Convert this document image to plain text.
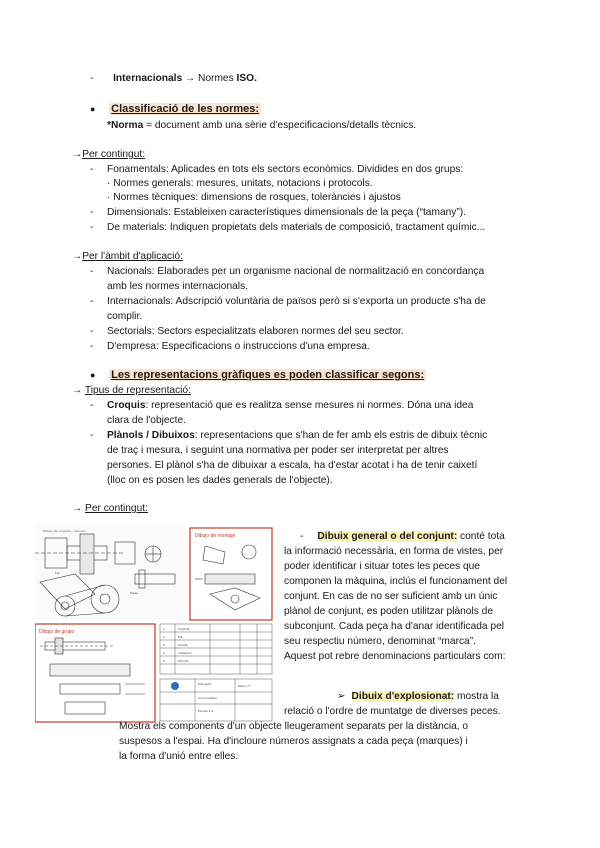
- Internacionals → Normes ISO.
● Classificació de les normes:
*Norma = document amb una sèrie d'especificacions/detalls tècnics.
→Per contingut:
- Fonamentals: Aplicades en tots els sectors econòmics. Dividides en dos grups:
· Normes generals: mesures, unitats, notacions i protocols.
· Normes tècniques: dimensions de rosques, toleràncies i ajustos
- Dimensionals: Estableixen característiques dimensionals de la peça (“tamany”).
- De materials: Indiquen propietats dels materials de composició, tractament químic...
→Per l'àmbit d'aplicació:
- Nacionals: Elaborades per un organisme nacional de normalització en concordança
amb les normes internacionals.
- Internacionals: Adscripció voluntària de països però si s'exporta un producte s'ha de
complir.
- Sectorials: Sectors especialitzats elaboren normes del seu sector.
- D'empresa: Especificacions o instruccions d'una empresa.
● Les representacions gràfiques es poden classificar segons:
→ Tipus de representació:
- Croquis: representació que es realitza sense mesures ni normes. Dóna una idea
clara de l'objecte.
- Plànols / Dibuixos: representacions que s'han de fer amb els estris de dibuix tècnic
de traç i mesura, i seguint una normativa per poder ser interpretat per altres
persones. El plànol s'ha de dibuixar a escala, ha d'estar acotat i ha de tenir caixetí
(lloc on es posen les dades generals de l'objecte).
→ Per contingut:
Dibujo de conjunto - sección
Pieza
Eje
Dibujo de montaje
Dibujo de grupo	1	Soporte
2	Eje
3	Rueda
4	Casquillo
5	Tornillo
Dibujado
Comprobado
Escala 1:2
Plano nº
- Dibuix general o del conjunt: conté tota
la informació necessària, en forma de vistes, per
poder identificar i situar totes les peces que
componen la màquina, inclús el funcionament del
conjunt. En cas de no ser suficient amb un únic
plànol de conjunt, es poden utilitzar plànols de
subconjunt. Cada peça ha d'anar identificada pel
seu respectiu número, denominat “marca”.
Aquest pot rebre denominacions particulars com:
➢ Dibuix d'explosionat: mostra la
relació o l'ordre de muntatge de diverses peces.
Mostra els components d'un objecte lleugerament separats per la distància, o
suspesos a l'espai. Ha d'incloure números assignats a cada peça (marques) i
la forma d'unió entre elles.
